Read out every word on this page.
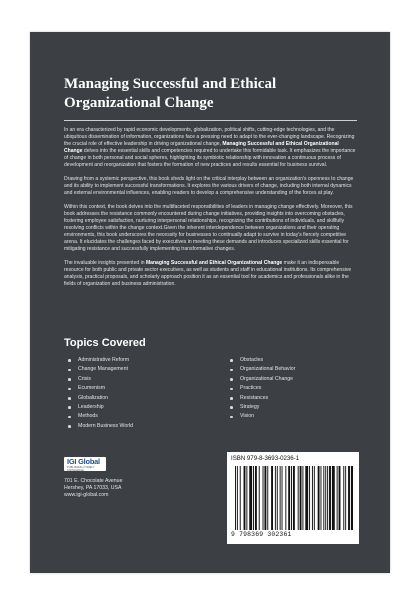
Managing Successful and Ethical Organizational Change

In an era characterized by rapid economic developments, globalization, political shifts, cutting-edge technologies, and the ubiquitous dissemination of information, organizations face a pressing need to adapt to the ever-changing landscape. Recognizing the crucial role of effective leadership in driving organizational change, Managing Successful and Ethical Organizational Change delves into the essential skills and competencies required to undertake this formidable task. It emphasizes the importance of change in both personal and social spheres, highlighting its symbiotic relationship with innovation a continuous process of development and reorganization that fosters the formation of new practices and results essential for business survival.

Drawing from a systemic perspective, this book sheds light on the critical interplay between an organization's openness to change and its ability to implement successful transformations. It explores the various drivers of change, including both internal dynamics and external environmental influences, enabling readers to develop a comprehensive understanding of the forces at play.

Within this context, the book delves into the multifaceted responsibilities of leaders in managing change effectively. Moreover, this book addresses the resistance commonly encountered during change initiatives, providing insights into overcoming obstacles, fostering employee satisfaction, nurturing interpersonal relationships, recognizing the contributions of individuals, and skillfully resolving conflicts within the change context.Given the inherent interdependence between organizations and their operating environments, this book underscores the necessity for businesses to continually adapt to survive in today's fiercely competitive arena. It elucidates the challenges faced by executives in meeting these demands and introduces specialized skills essential for mitigating resistance and successfully implementing transformative changes.

The invaluable insights presented in Managing Successful and Ethical Organizational Change make it an indispensable resource for both public and private sector executives, as well as students and staff in educational institutions. Its comprehensive analysis, practical proposals, and scholarly approach position it as an essential tool for academics and professionals alike in the fields of organization and business administration.

Topics Covered
Administrative Reform
Change Management
Crisis
Ecumenism
Globalization
Leadership
Methods
Modern Business World
Obstacles
Organizational Behavior
Organizational Change
Practices
Resistances
Strategy
Vision
IGI Global
PUBLISHER of TIMELY KNOWLEDGE
701 E. Chocolate Avenue
Hershey, PA 17033, USA
www.igi-global.com
ISBN 979-8-3693-0236-1
9 798369 302361
